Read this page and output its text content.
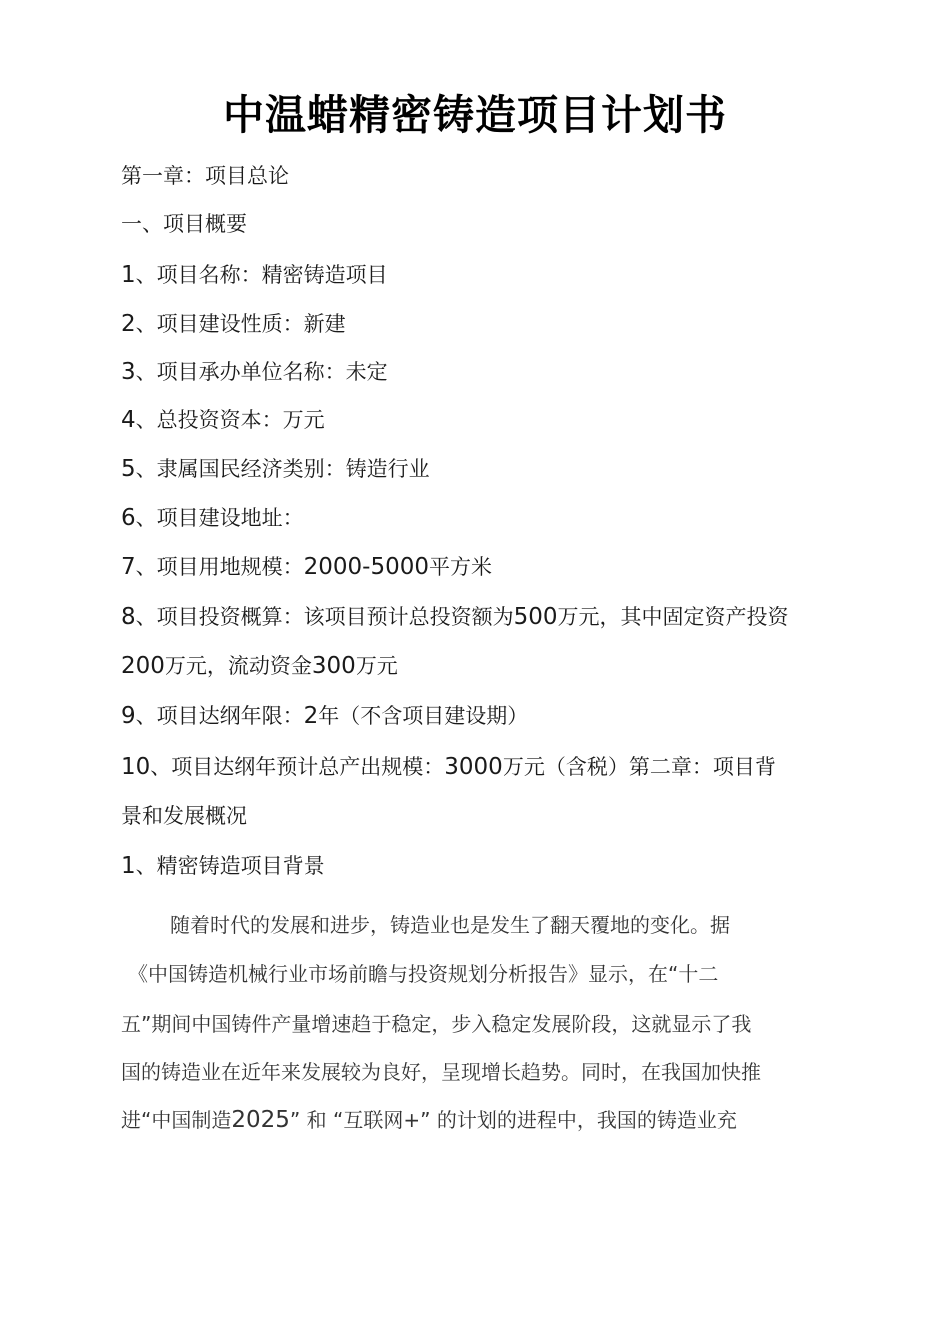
中温蜡精密铸造项目计划书
第一章：项目总论
一、项目概要
1、项目名称：精密铸造项目
2、项目建设性质：新建
3、项目承办单位名称：未定
4、总投资资本：万元
5、隶属国民经济类别：铸造行业
6、项目建设地址：
7、项目用地规模：2000-5000平方米
8、项目投资概算：该项目预计总投资额为500万元，其中固定资产投资
200万元，流动资金300万元
9、项目达纲年限：2年（不含项目建设期）
10、项目达纲年预计总产出规模：3000万元（含税）第二章：项目背
景和发展概况
1、精密铸造项目背景
随着时代的发展和进步，铸造业也是发生了翻天覆地的变化。据
《中国铸造机械行业市场前瞻与投资规划分析报告》显示，在“十二
五”期间中国铸件产量增速趋于稳定，步入稳定发展阶段，这就显示了我
国的铸造业在近年来发展较为良好，呈现增长趋势。同时，在我国加快推
进“中国制造2025” 和 “互联网+” 的计划的进程中，我国的铸造业充
